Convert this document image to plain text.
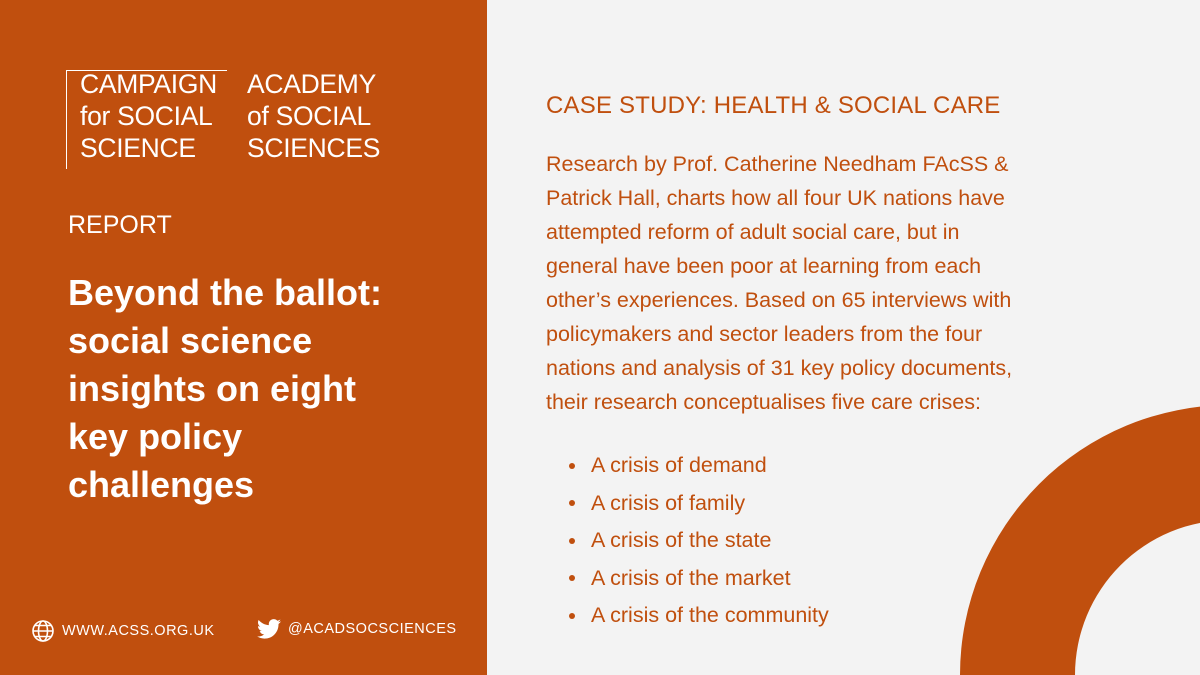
CAMPAIGN
for SOCIAL
SCIENCE
ACADEMY
of SOCIAL
SCIENCES
REPORT
Beyond the ballot:
social science
insights on eight
key policy
challenges
WWW.ACSS.ORG.UK	@ACADSOCSCIENCES
CASE STUDY: HEALTH & SOCIAL CARE
Research by Prof. Catherine Needham FAcSS &
Patrick Hall, charts how all four UK nations have
attempted reform of adult social care, but in
general have been poor at learning from each
other’s experiences. Based on 65 interviews with
policymakers and sector leaders from the four
nations and analysis of 31 key policy documents,
their research conceptualises five care crises:
A crisis of demand
A crisis of family
A crisis of the state
A crisis of the market
A crisis of the community
